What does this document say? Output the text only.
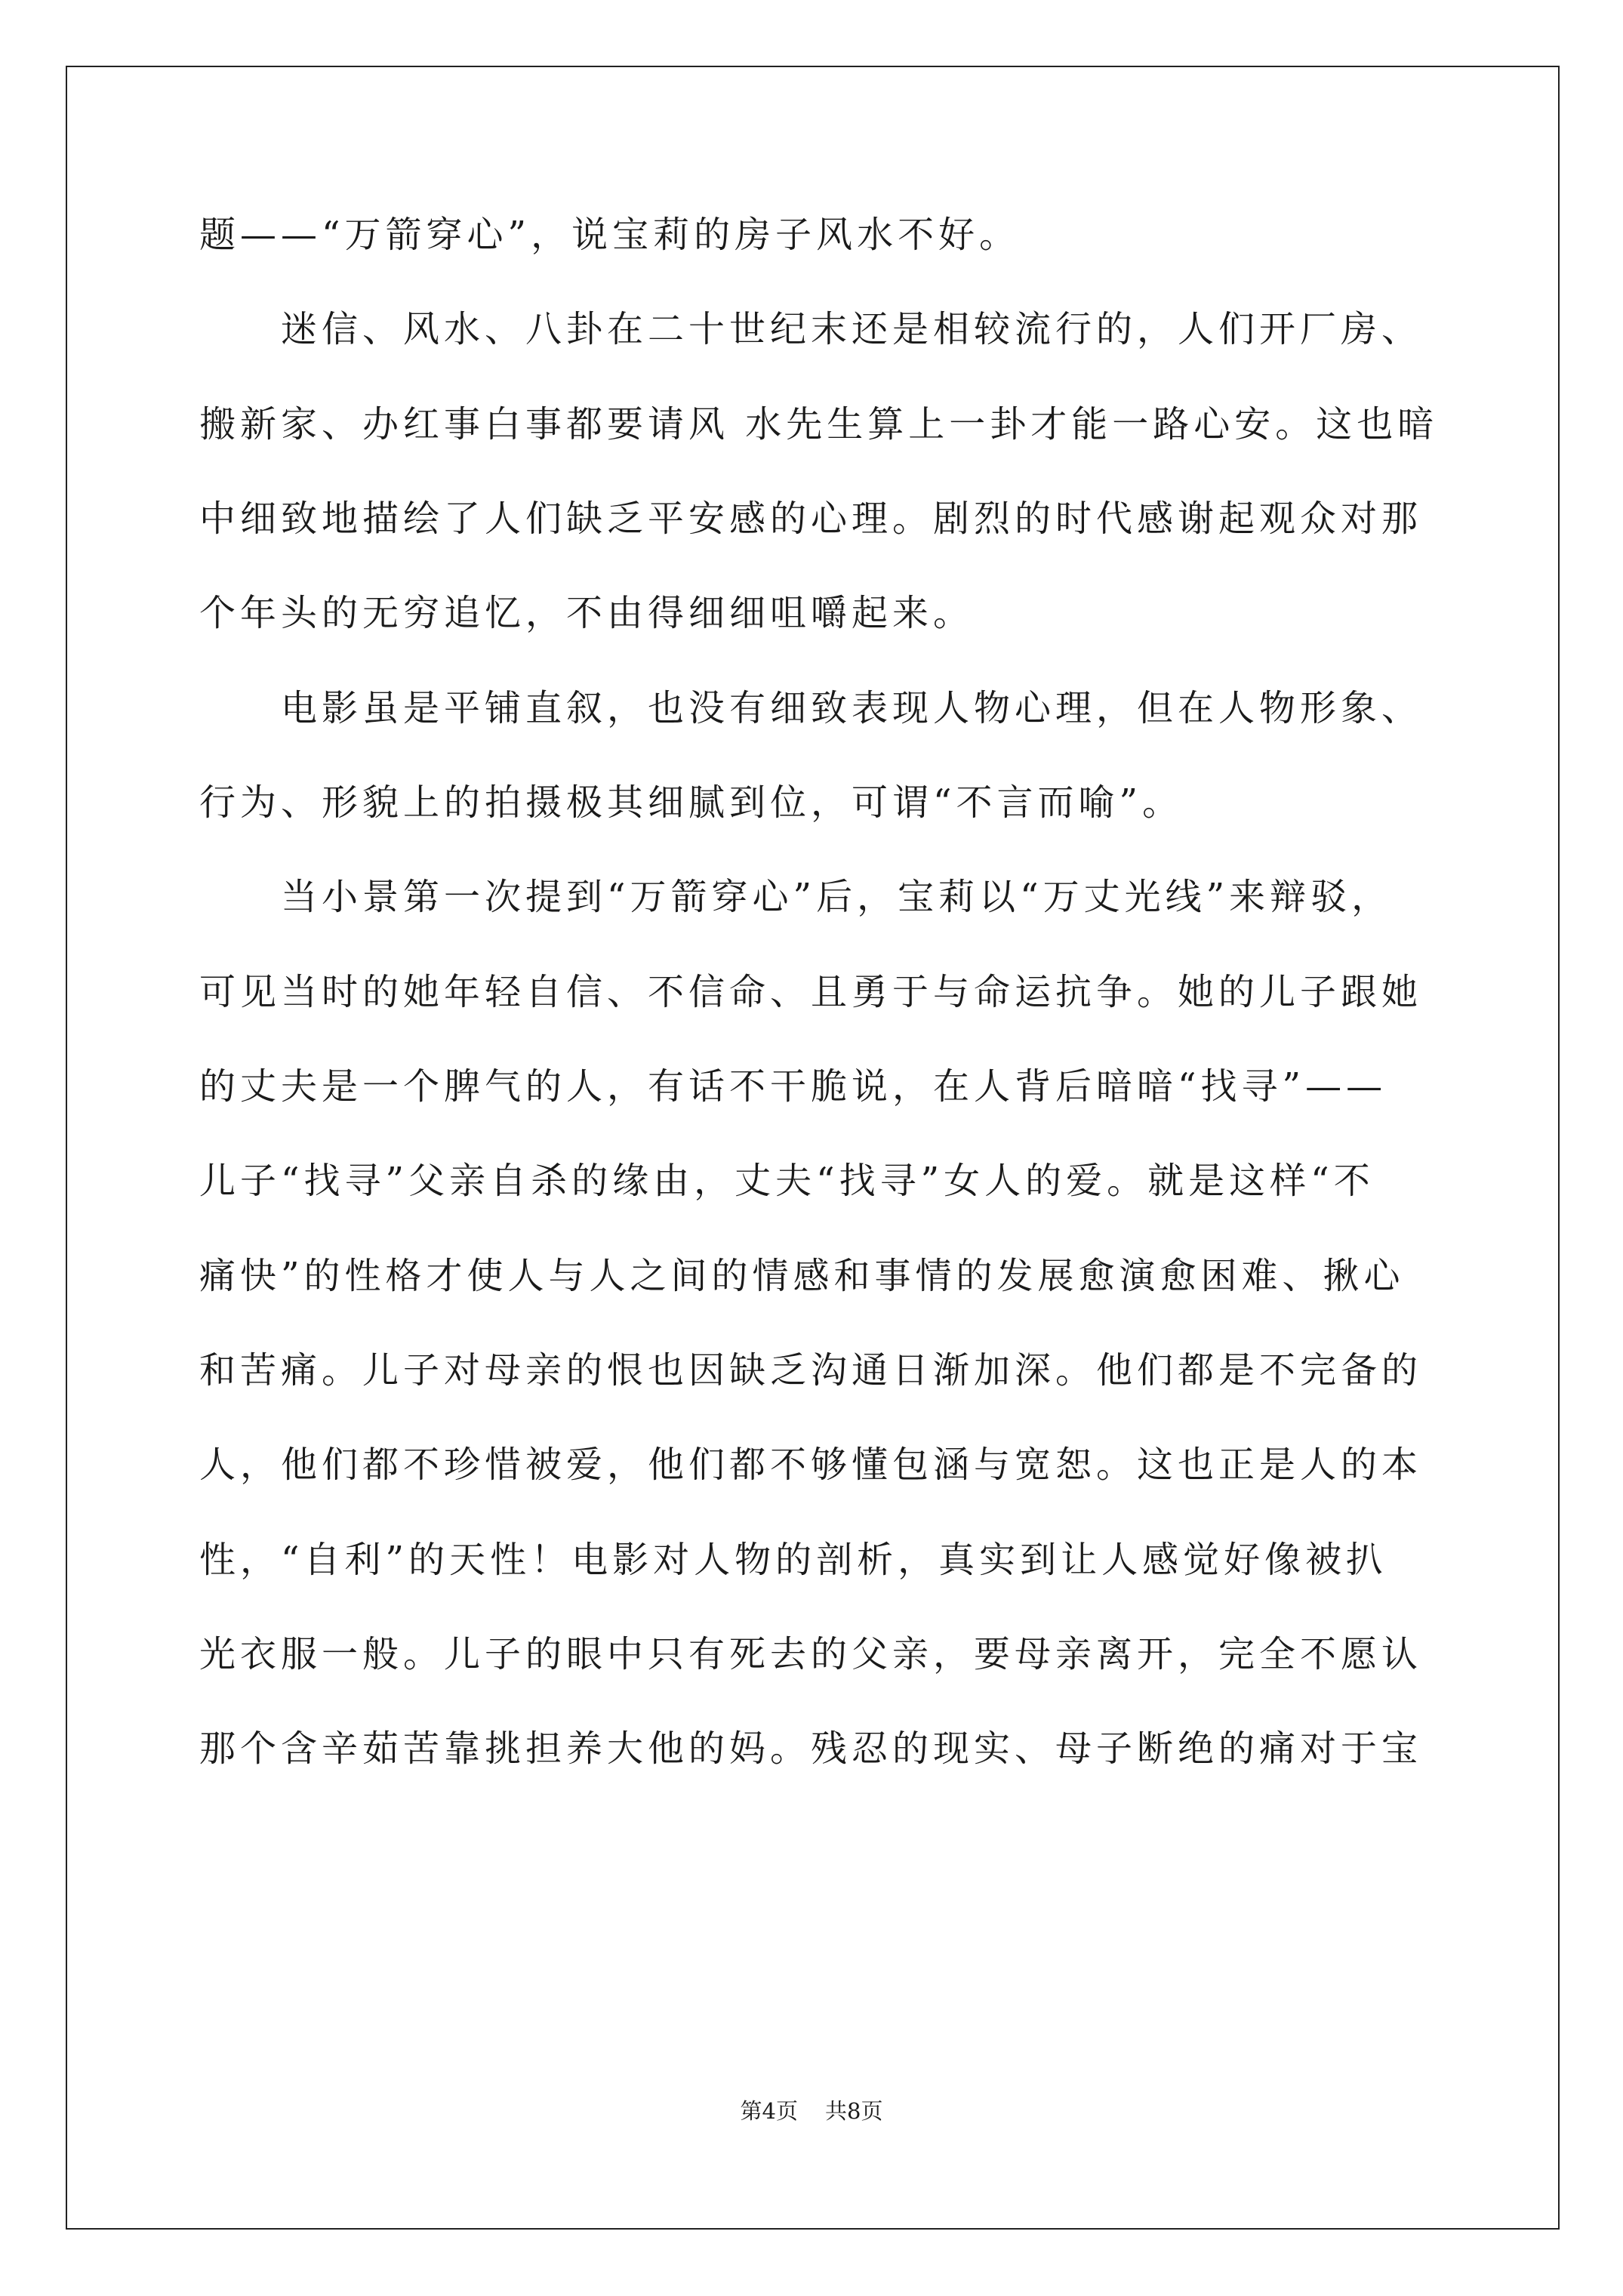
题——“万箭穿心”，说宝莉的房子风水不好。
　　迷信、风水、八卦在二十世纪末还是相较流行的，人们开厂房、
搬新家、办红事白事都要请风 水先生算上一卦才能一路心安。这也暗
中细致地描绘了人们缺乏平安感的心理。剧烈的时代感谢起观众对那
个年头的无穷追忆，不由得细细咀嚼起来。
　　电影虽是平铺直叙，也没有细致表现人物心理，但在人物形象、
行为、形貌上的拍摄极其细腻到位，可谓“不言而喻”。
　　当小景第一次提到“万箭穿心”后，宝莉以“万丈光线”来辩驳，
可见当时的她年轻自信、不信命、且勇于与命运抗争。她的儿子跟她
的丈夫是一个脾气的人，有话不干脆说，在人背后暗暗“找寻”——
儿子“找寻”父亲自杀的缘由，丈夫“找寻”女人的爱。就是这样“不
痛快”的性格才使人与人之间的情感和事情的发展愈演愈困难、揪心
和苦痛。儿子对母亲的恨也因缺乏沟通日渐加深。他们都是不完备的
人，他们都不珍惜被爱，他们都不够懂包涵与宽恕。这也正是人的本
性，“自利”的天性！电影对人物的剖析，真实到让人感觉好像被扒
光衣服一般。儿子的眼中只有死去的父亲，要母亲离开，完全不愿认
那个含辛茹苦靠挑担养大他的妈。残忍的现实、母子断绝的痛对于宝
第4页 共8页
